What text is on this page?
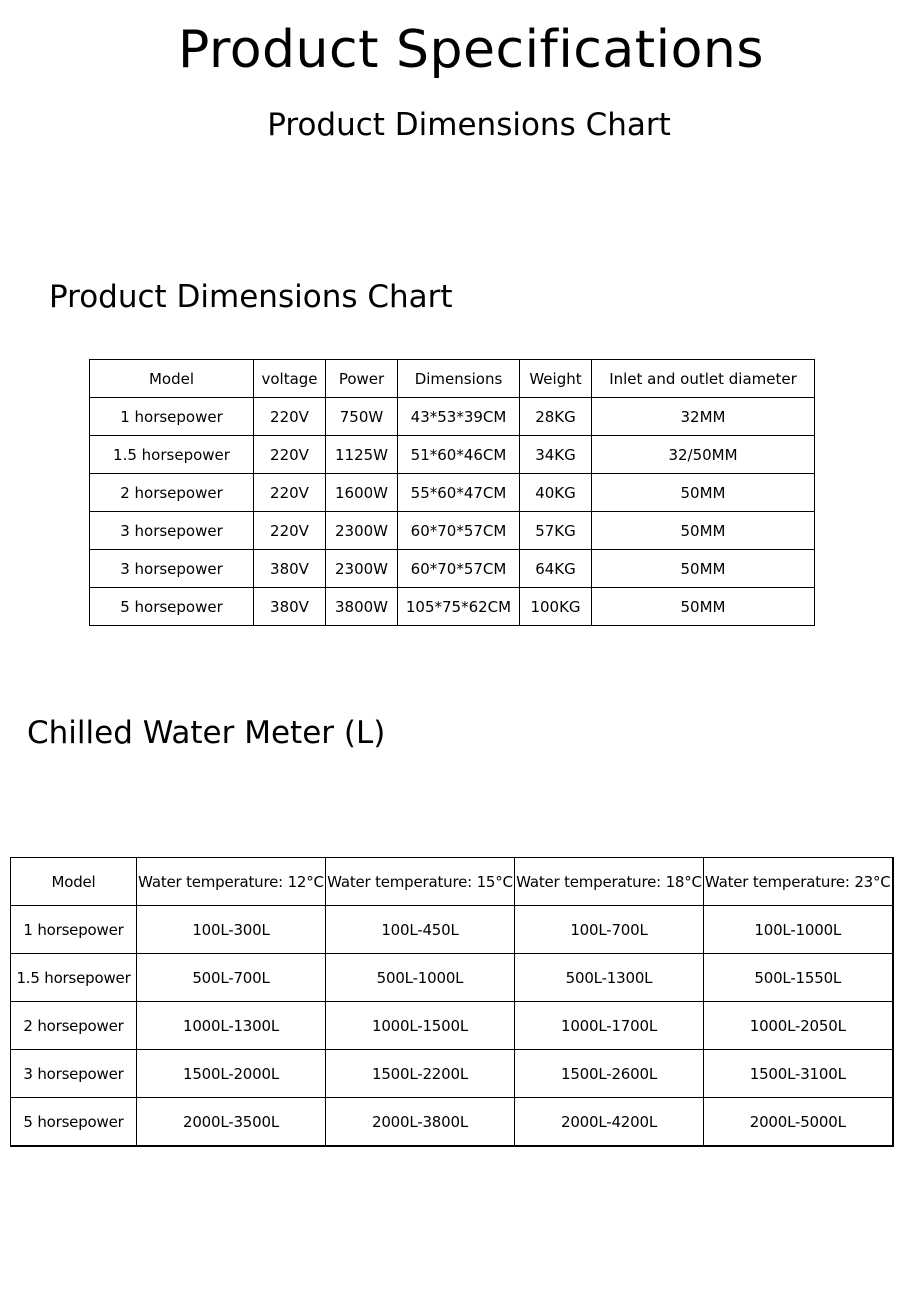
Product Specifications
Product Dimensions Chart
Product Dimensions Chart
Model	voltage	Power	Dimensions	Weight	Inlet and outlet diameter
1 horsepower	220V	750W	43*53*39CM	28KG	32MM
1.5 horsepower	220V	1125W	51*60*46CM	34KG	32/50MM
2 horsepower	220V	1600W	55*60*47CM	40KG	50MM
3 horsepower	220V	2300W	60*70*57CM	57KG	50MM
3 horsepower	380V	2300W	60*70*57CM	64KG	50MM
5 horsepower	380V	3800W	105*75*62CM	100KG	50MM
Chilled Water Meter (L)
Model	Water temperature: 12°C	Water temperature: 15°C	Water temperature: 18°C	Water temperature: 23°C
1 horsepower	100L-300L	100L-450L	100L-700L	100L-1000L
1.5 horsepower	500L-700L	500L-1000L	500L-1300L	500L-1550L
2 horsepower	1000L-1300L	1000L-1500L	1000L-1700L	1000L-2050L
3 horsepower	1500L-2000L	1500L-2200L	1500L-2600L	1500L-3100L
5 horsepower	2000L-3500L	2000L-3800L	2000L-4200L	2000L-5000L
